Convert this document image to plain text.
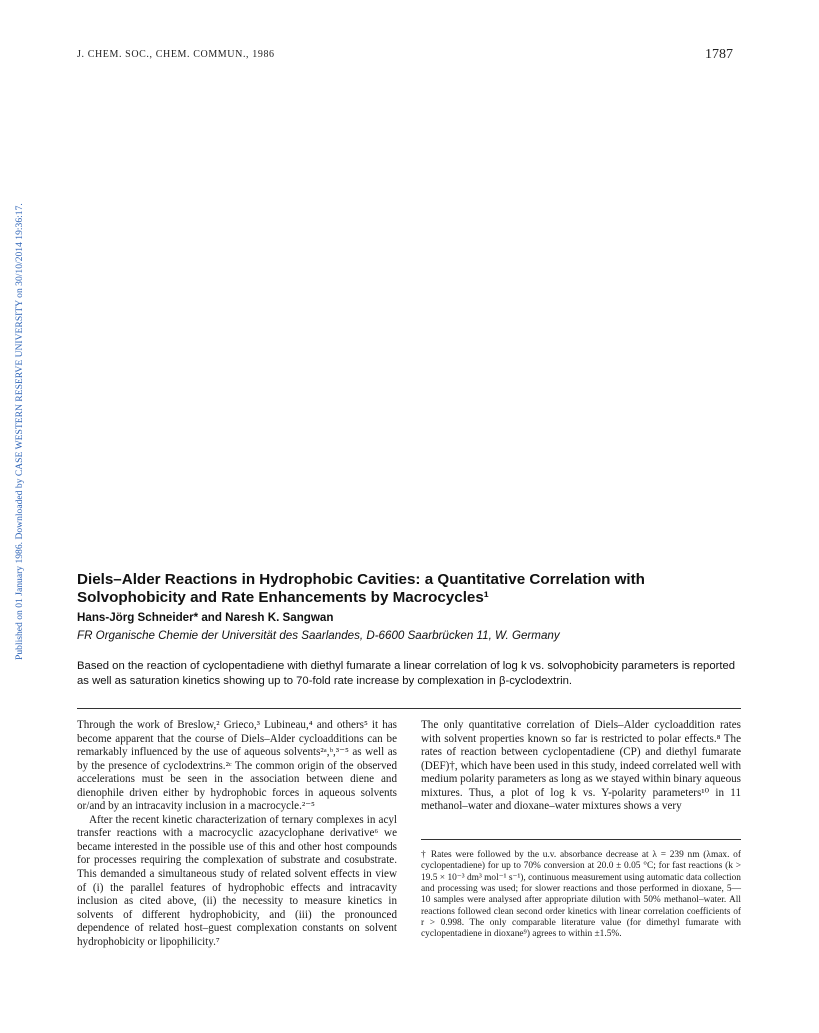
Published on 01 January 1986. Downloaded by CASE WESTERN RESERVE UNIVERSITY on 30/10/2014 19:36:17.
J. CHEM. SOC., CHEM. COMMUN., 1986	1787
Diels–Alder Reactions in Hydrophobic Cavities: a Quantitative Correlation with Solvophobicity and Rate Enhancements by Macrocycles¹
Hans-Jörg Schneider* and Naresh K. Sangwan
FR Organische Chemie der Universität des Saarlandes, D-6600 Saarbrücken 11, W. Germany
Based on the reaction of cyclopentadiene with diethyl fumarate a linear correlation of log k vs. solvophobicity parameters is reported as well as saturation kinetics showing up to 70-fold rate increase by complexation in β-cyclodextrin.

Through the work of Breslow,² Grieco,³ Lubineau,⁴ and others⁵ it has become apparent that the course of Diels–Alder cycloadditions can be remarkably influenced by the use of aqueous solvents²ᵃ,ᵇ,³⁻⁵ as well as by the presence of cyclodextrins.²ᶜ The common origin of the observed accelerations must be seen in the association between diene and dienophile driven either by hydrophobic forces in aqueous solvents or/and by an intracavity inclusion in a macrocycle.²⁻⁵

After the recent kinetic characterization of ternary complexes in acyl transfer reactions with a macrocyclic azacyclophane derivative⁶ we became interested in the possible use of this and other host compounds for processes requiring the complexation of substrate and cosubstrate. This demanded a simultaneous study of related solvent effects in view of (i) the parallel features of hydrophobic effects and intracavity inclusion as cited above, (ii) the necessity to measure kinetics in solvents of different hydrophobicity, and (iii) the pronounced dependence of related host–guest complexation constants on solvent hydrophobicity or lipophilicity.⁷

The only quantitative correlation of Diels–Alder cycloaddition rates with solvent properties known so far is restricted to polar effects.⁸ The rates of reaction between cyclopentadiene (CP) and diethyl fumarate (DEF)†, which have been used in this study, indeed correlated well with medium polarity parameters as long as we stayed within binary aqueous mixtures. Thus, a plot of log k vs. Y-polarity parameters¹⁰ in 11 methanol–water and dioxane–water mixtures shows a very

† Rates were followed by the u.v. absorbance decrease at λ = 239 nm (λmax. of cyclopentadiene) for up to 70% conversion at 20.0 ± 0.05 °C; for fast reactions (k > 19.5 × 10⁻³ dm³ mol⁻¹ s⁻¹), continuous measurement using automatic data collection and processing was used; for slower reactions and those performed in dioxane, 5—10 samples were analysed after appropriate dilution with 50% methanol–water. All reactions followed clean second order kinetics with linear correlation coefficients of r > 0.998. The only comparable literature value (for dimethyl fumarate with cyclopentadiene in dioxane⁹) agrees to within ±1.5%.
